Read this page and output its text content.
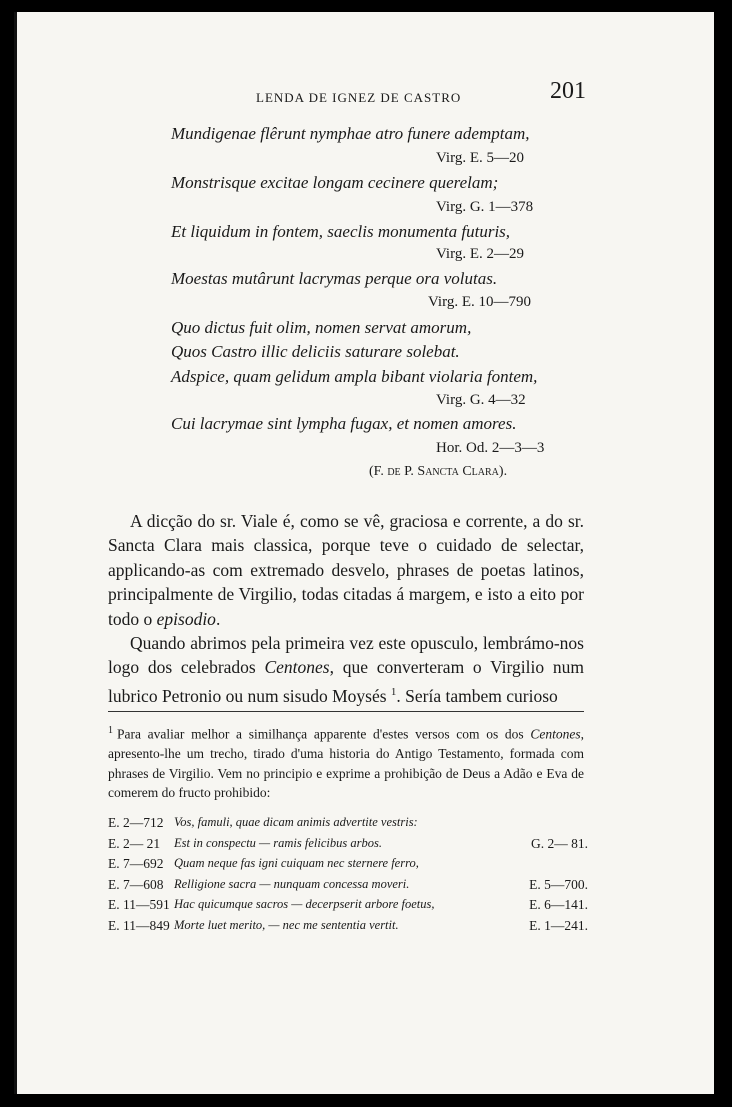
LENDA DE IGNEZ DE CASTRO	201
Mundigenae flêrunt nymphae atro funere ademptam,
Virg. E. 5—20
Monstrisque excitae longam cecinere querelam;
Virg. G. 1—378
Et liquidum in fontem, saeclis monumenta futuris,
Virg. E. 2—29
Moestas mutârunt lacrymas perque ora volutas.
Virg. E. 10—790
Quo dictus fuit olim, nomen servat amorum,
Quos Castro illic deliciis saturare solebat.
Adspice, quam gelidum ampla bibant violaria fontem,
Virg. G. 4—32
Cui lacrymae sint lympha fugax, et nomen amores.
Hor. Od. 2—3—3
(F. de P. Sancta Clara).

A dicção do sr. Viale é, como se vê, graciosa e corrente, a do sr. Sancta Clara mais classica, porque teve o cuidado de selectar, applicando-as com extremado desvelo, phrases de poetas latinos, principalmente de Virgilio, todas citadas á margem, e isto a eito por todo o episodio.

Quando abrimos pela primeira vez este opusculo, lembrámo-nos logo dos celebrados Centones, que converteram o Virgilio num lubrico Petronio ou num sisudo Moysés $^1$. Sería tambem curioso

$^1$ Para avaliar melhor a similhança apparente d'estes versos com os dos Centones, apresento-lhe um trecho, tirado d'uma historia do Antigo Testamento, formada com phrases de Virgilio. Vem no principio e exprime a prohibição de Deus a Adão e Eva de comerem do fructo prohibido:
E. 2—712 Vos, famuli, quae dicam animis advertite vestris:
E. 2— 21 Est in conspectu — ramis felicibus arbos.	G. 2— 81.
E. 7—692 Quam neque fas igni cuiquam nec sternere ferro,
E. 7—608 Relligione sacra — nunquam concessa moveri.	E. 5—700.
E. 11—591 Hac quicumque sacros — decerpserit arbore foetus,	E. 6—141.
E. 11—849 Morte luet merito, — nec me sententia vertit.	E. 1—241.
